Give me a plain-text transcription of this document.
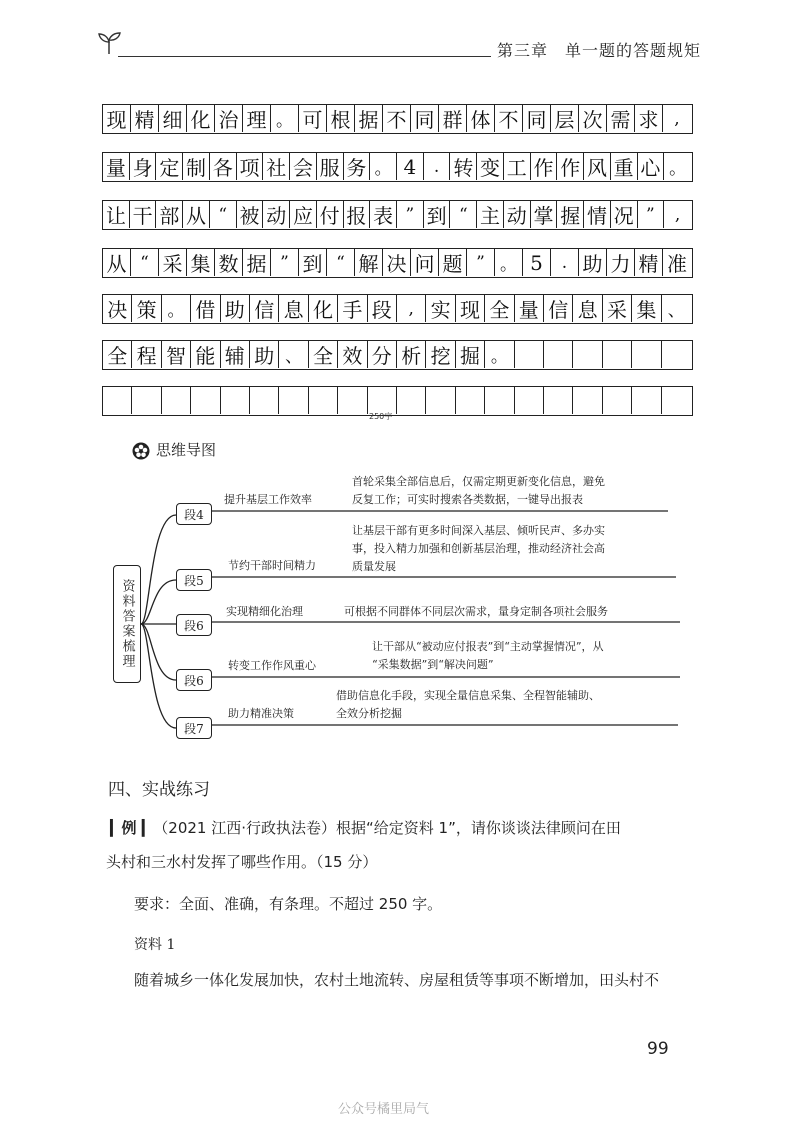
第三章　单一题的答题规矩
现 精 细 化 治 理 。 可 根 据 不 同 群 体 不 同 层 次 需 求 ,
量 身 定 制 各 项 社 会 服 务 。 4	. 转 变 工 作 作 风 重 心 。
让 干 部 从 “ 被 动 应 付 报 表 ” 到 “ 主 动 掌 握 情 况 ”	,
从 “ 采 集 数 据 ” 到 “ 解 决 问 题 ” 。 5	. 助 力 精 准
决 策 。 借 助 信 息 化 手 段 , 实 现 全 量 信 息 采 集 、
全 程 智 能 辅 助 、 全 效 分 析 挖 掘 。
250字
思维导图
资料答案梳理
段4
段5
段6
段6
段7
提升基层工作效率
节约干部时间精力
实现精细化治理
转变工作作风重心
助力精准决策
首轮采集全部信息后，仅需定期更新变化信息，避免
反复工作；可实时搜索各类数据，一键导出报表
让基层干部有更多时间深入基层、倾听民声、多办实
事，投入精力加强和创新基层治理，推动经济社会高
质量发展
可根据不同群体不同层次需求，量身定制各项社会服务
让干部从“被动应付报表”到“主动掌握情况”，从
“采集数据”到“解决问题”
借助信息化手段，实现全量信息采集、全程智能辅助、
全效分析挖掘
四、实战练习
▎例 ▎（2021 江西·行政执法卷）根据“给定资料 1”，请你谈谈法律顾问在田
头村和三水村发挥了哪些作用。（15 分）
要求：全面、准确，有条理。不超过 250 字。
资料 1
随着城乡一体化发展加快，农村土地流转、房屋租赁等事项不断增加，田头村不
99
公众号橘里局气
